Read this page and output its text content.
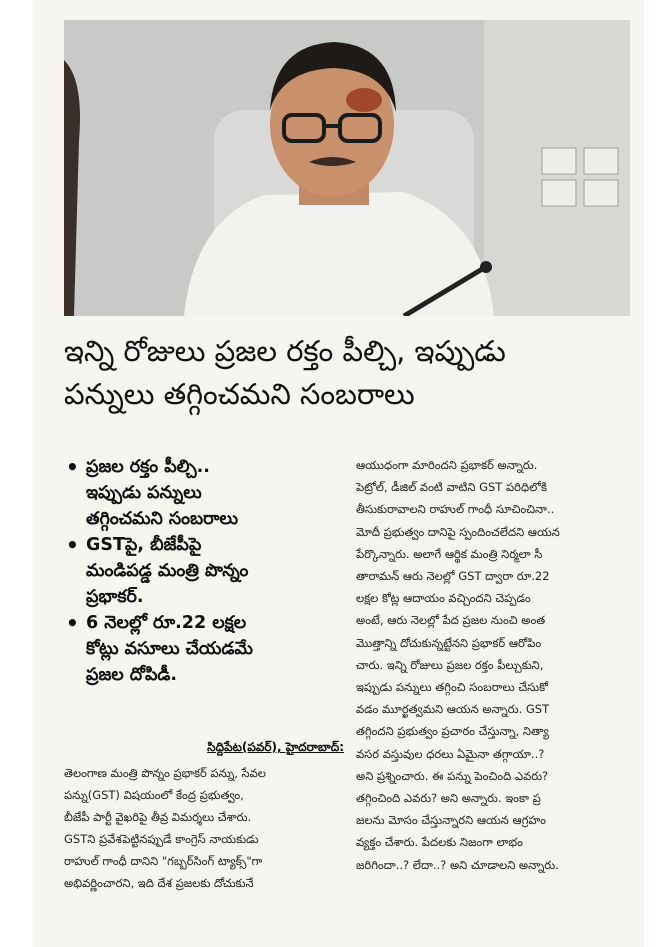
ఇన్ని రోజులు ప్రజల రక్తం పీల్చి, ఇప్పుడు
పన్నులు తగ్గించమని సంబరాలు
• ప్రజల రక్తం పీల్చి..
ఇప్పుడు పన్నులు
తగ్గించమని సంబరాలు
• GSTపై, బీజేపీపై
మండిపడ్డ మంత్రి పొన్నం
ప్రభాకర్.
• 6 నెలల్లో రూ.22 లక్షల
కోట్లు వసూలు చేయడమే
ప్రజల దోపిడీ.
సిద్దిపేట(పవర్), హైదరాబాద్:
తెలంగాణ మంత్రి పొన్నం ప్రభాకర్ పన్ను, సేవల
పన్ను(GST) విషయంలో కేంద్ర ప్రభుత్వం,
బీజేపీ పార్టీ వైఖరిపై తీవ్ర విమర్శలు చేశారు.
GSTని ప్రవేశపెట్టినప్పుడే కాంగ్రెస్ నాయకుడు
రాహుల్ గాంధీ దానిని "గబ్బర్‌సింగ్ ట్యాక్స్"గా
అభివర్ణించారని, ఇది దేశ ప్రజలకు దోచుకునే
ఆయుధంగా మారిందని ప్రభాకర్ అన్నారు.
పెట్రోల్, డీజిల్ వంటి వాటిని GST పరిధిలోకి
తీసుకురావాలని రాహుల్ గాంధీ సూచించినా..
మోదీ ప్రభుత్వం దానిపై స్పందించలేదని ఆయన
పేర్కొన్నారు. అలాగే ఆర్థిక మంత్రి నిర్మలా సీ
తారామన్ ఆరు నెలల్లో GST ద్వారా రూ.22
లక్షల కోట్ల ఆదాయం వచ్చిందని చెప్పడం
అంటే, ఆరు నెలల్లో పేద ప్రజల నుంచి అంత
మొత్తాన్ని దోచుకున్నట్టేనని ప్రభాకర్ ఆరోపిం
చారు. ఇన్ని రోజులు ప్రజల రక్తం పీల్చుకుని,
ఇప్పుడు పన్నులు తగ్గించి సంబరాలు చేసుకో
వడం మూర్ఖత్వమని ఆయన అన్నారు. GST
తగ్గిందని ప్రభుత్వం ప్రచారం చేస్తున్నా, నిత్యా
వసర వస్తువుల ధరలు ఏమైనా తగ్గాయా..?
అని ప్రశ్నించారు. ఈ పన్ను పెంచింది ఎవరు?
తగ్గించింది ఎవరు? అని అన్నారు. ఇంకా ప్ర
జలను మోసం చేస్తున్నారని ఆయన ఆగ్రహం
వ్యక్తం చేశారు. పేదలకు నిజంగా లాభం
జరిగిందా..? లేదా..? అని చూడాలని అన్నారు.
